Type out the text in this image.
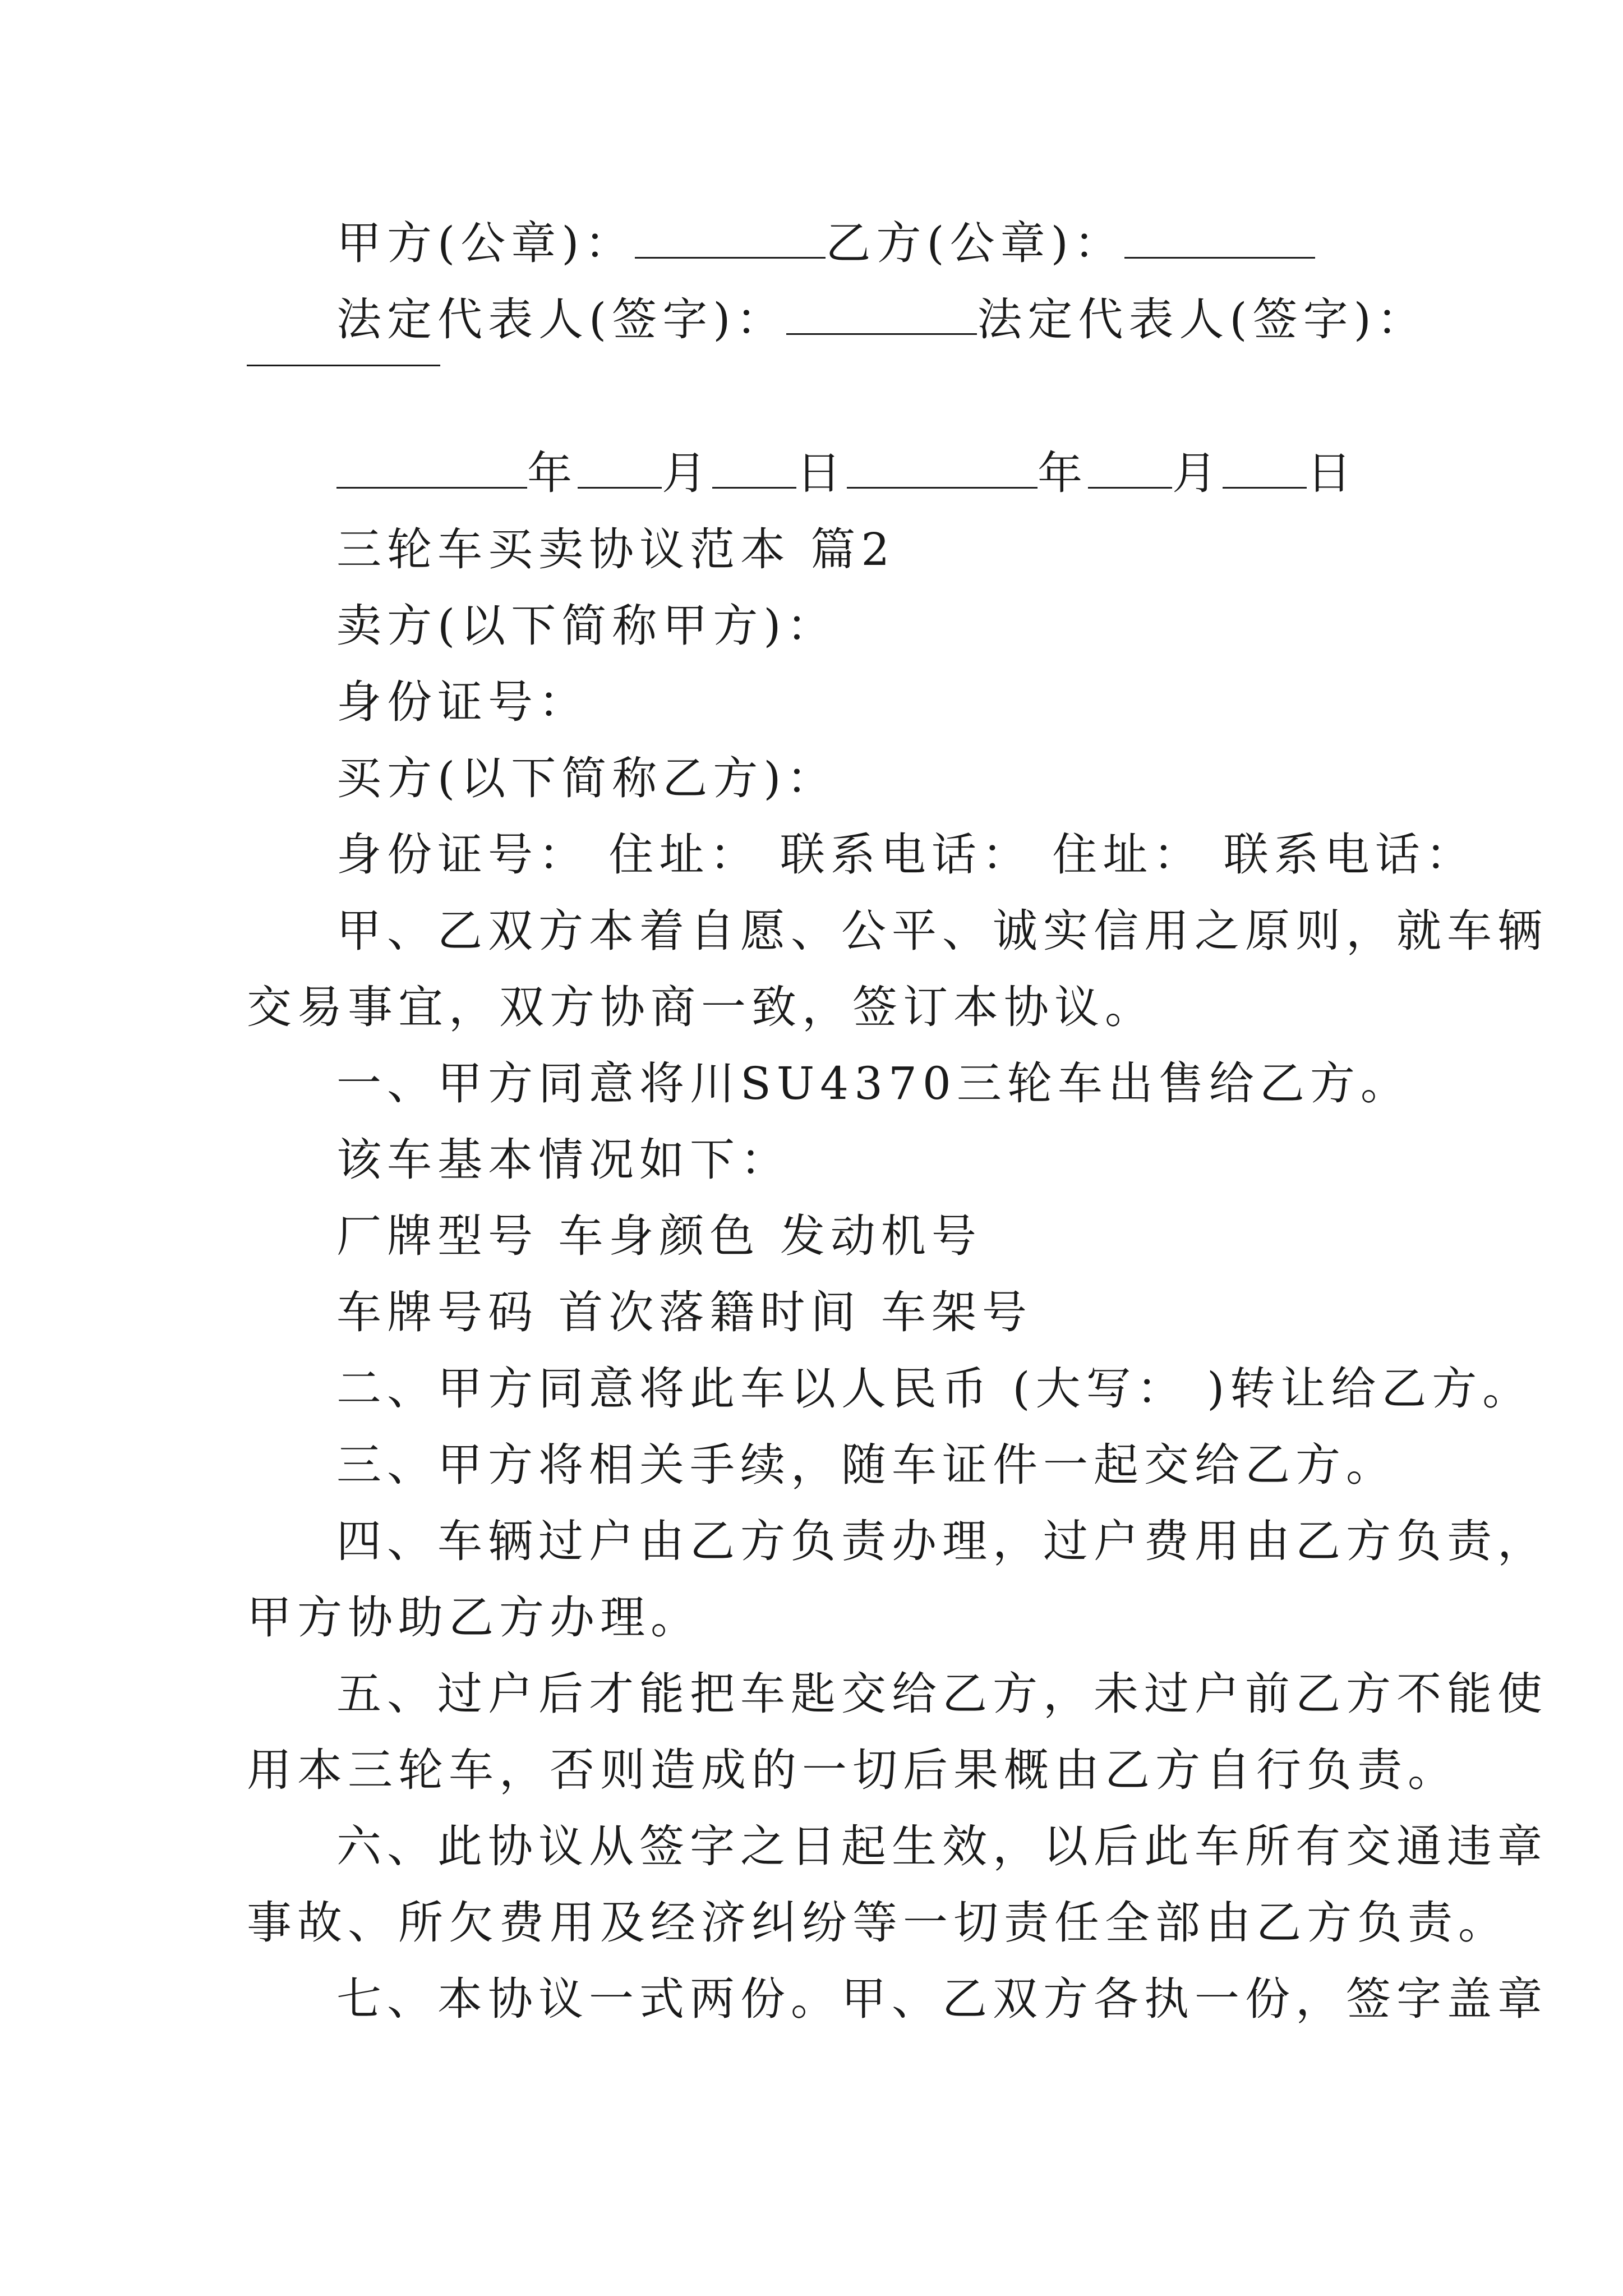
甲方(公章)：	乙方(公章)：
法定代表人(签字)：	法定代表人(签字)：
年 月 日	年 月 日
三轮车买卖协议范本 篇2
卖方(以下简称甲方)：
身份证号：
买方(以下简称乙方)：
身份证号： 住址： 联系电话： 住址： 联系电话：
甲、乙双方本着自愿、公平、诚实信用之原则，就车辆
交易事宜，双方协商一致，签订本协议。
一、甲方同意将川SU4370三轮车出售给乙方。
该车基本情况如下：
厂牌型号 车身颜色 发动机号
车牌号码 首次落籍时间 车架号
二、甲方同意将此车以人民币 (大写： )转让给乙方。
三、甲方将相关手续，随车证件一起交给乙方。
四、车辆过户由乙方负责办理，过户费用由乙方负责，
甲方协助乙方办理。
五、过户后才能把车匙交给乙方，未过户前乙方不能使
用本三轮车，否则造成的一切后果概由乙方自行负责。
六、此协议从签字之日起生效，以后此车所有交通违章
事故、所欠费用及经济纠纷等一切责任全部由乙方负责。
七、本协议一式两份。甲、乙双方各执一份，签字盖章
